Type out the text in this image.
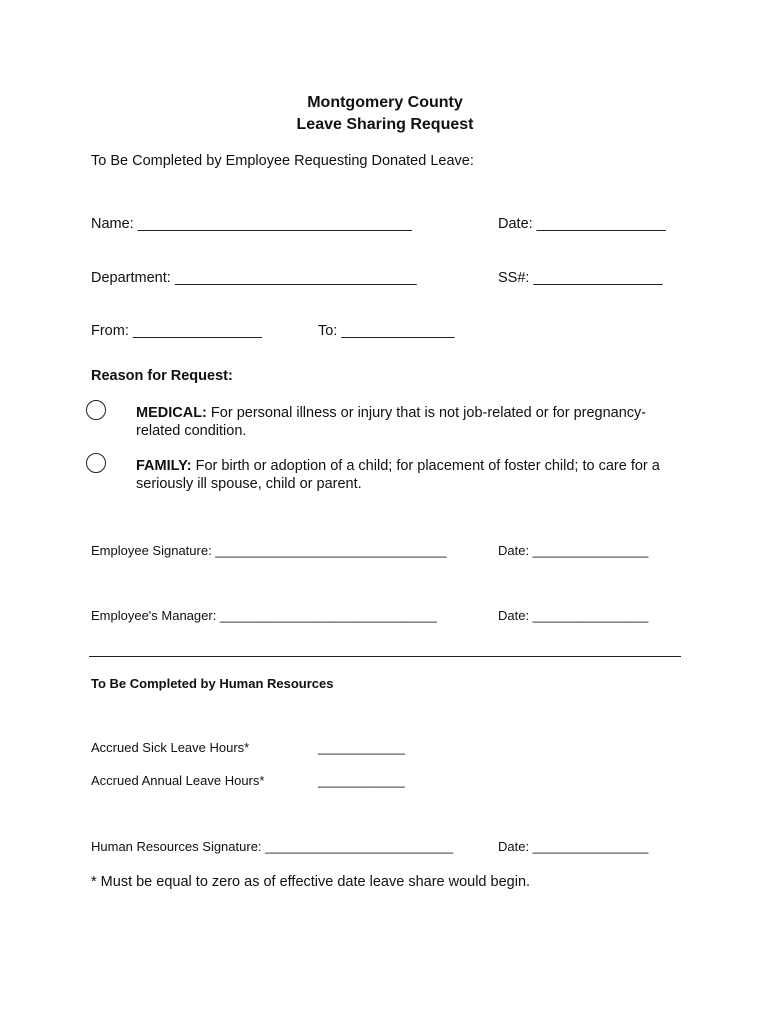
Montgomery County
Leave Sharing Request
To Be Completed by Employee Requesting Donated Leave:
Name: __________________________________	Date: ________________
Department: ______________________________	SS#: ________________
From: ________________	To: ______________
Reason for Request:
MEDICAL: For personal illness or injury that is not job-related or for pregnancy-related condition.
FAMILY: For birth or adoption of a child; for placement of foster child; to care for a seriously ill spouse, child or parent.
Employee Signature: ________________________________	Date: ________________
Employee's Manager: ______________________________	Date: ________________
To Be Completed by Human Resources
Accrued Sick Leave Hours*	____________
Accrued Annual Leave Hours*	____________
Human Resources Signature: __________________________	Date: ________________
* Must be equal to zero as of effective date leave share would begin.
